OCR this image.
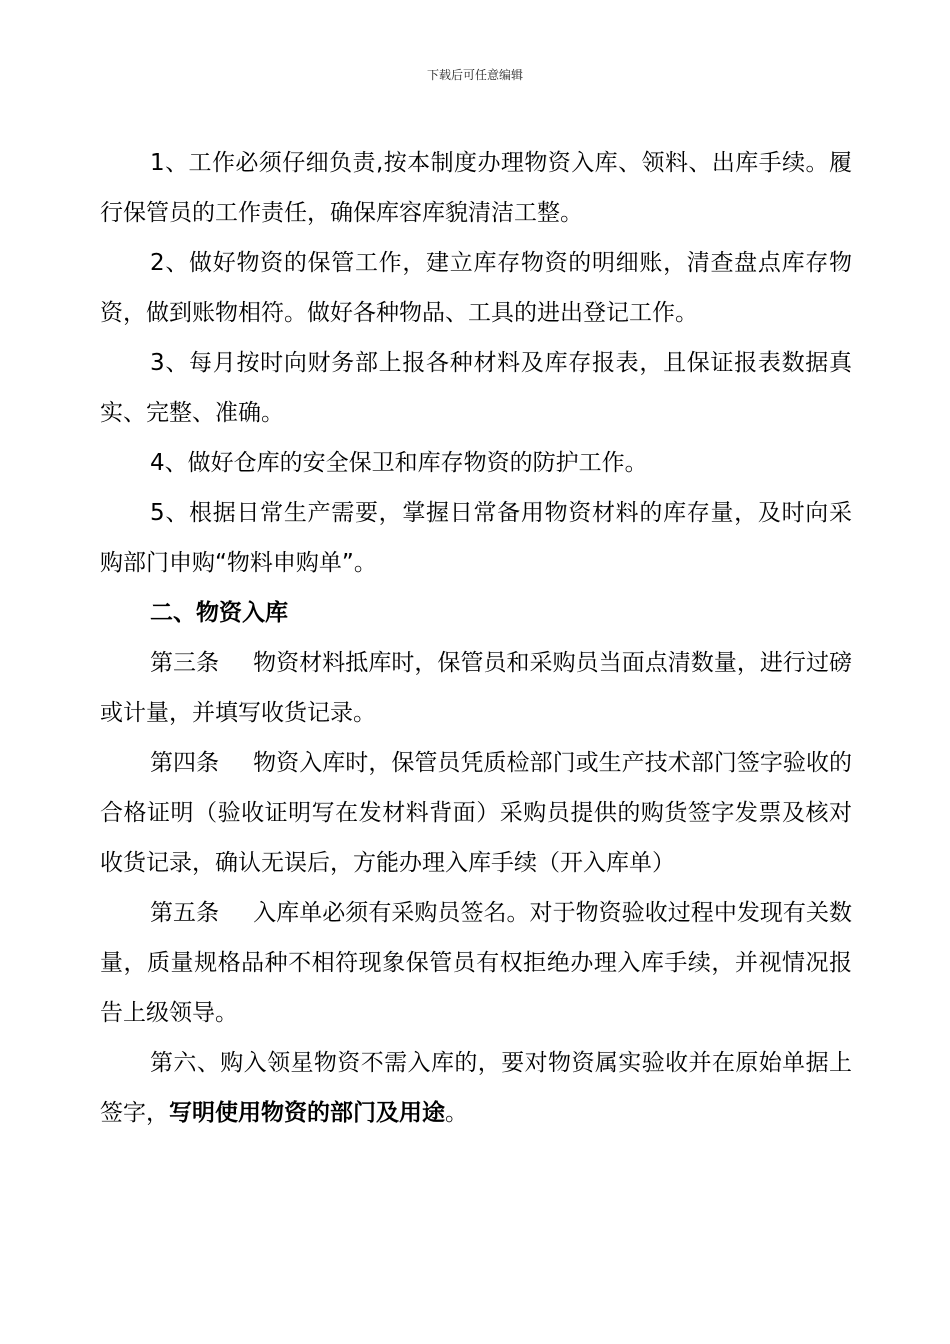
下载后可任意编辑

1、工作必须仔细负责,按本制度办理物资入库、领料、出库手续。履行保管员的工作责任，确保库容库貌清洁工整。

2、做好物资的保管工作，建立库存物资的明细账，清查盘点库存物资，做到账物相符。做好各种物品、工具的进出登记工作。

3、每月按时向财务部上报各种材料及库存报表，且保证报表数据真实、完整、准确。

4、做好仓库的安全保卫和库存物资的防护工作。

5、根据日常生产需要，掌握日常备用物资材料的库存量，及时向采购部门申购“物料申购单”。

二、物资入库

第三条 物资材料抵库时，保管员和采购员当面点清数量，进行过磅或计量，并填写收货记录。

第四条 物资入库时，保管员凭质检部门或生产技术部门签字验收的合格证明（验收证明写在发材料背面）采购员提供的购货签字发票及核对收货记录，确认无误后，方能办理入库手续（开入库单）

第五条 入库单必须有采购员签名。对于物资验收过程中发现有关数量，质量规格品种不相符现象保管员有权拒绝办理入库手续，并视情况报告上级领导。

第六、购入领星物资不需入库的，要对物资属实验收并在原始单据上签字，写明使用物资的部门及用途。
